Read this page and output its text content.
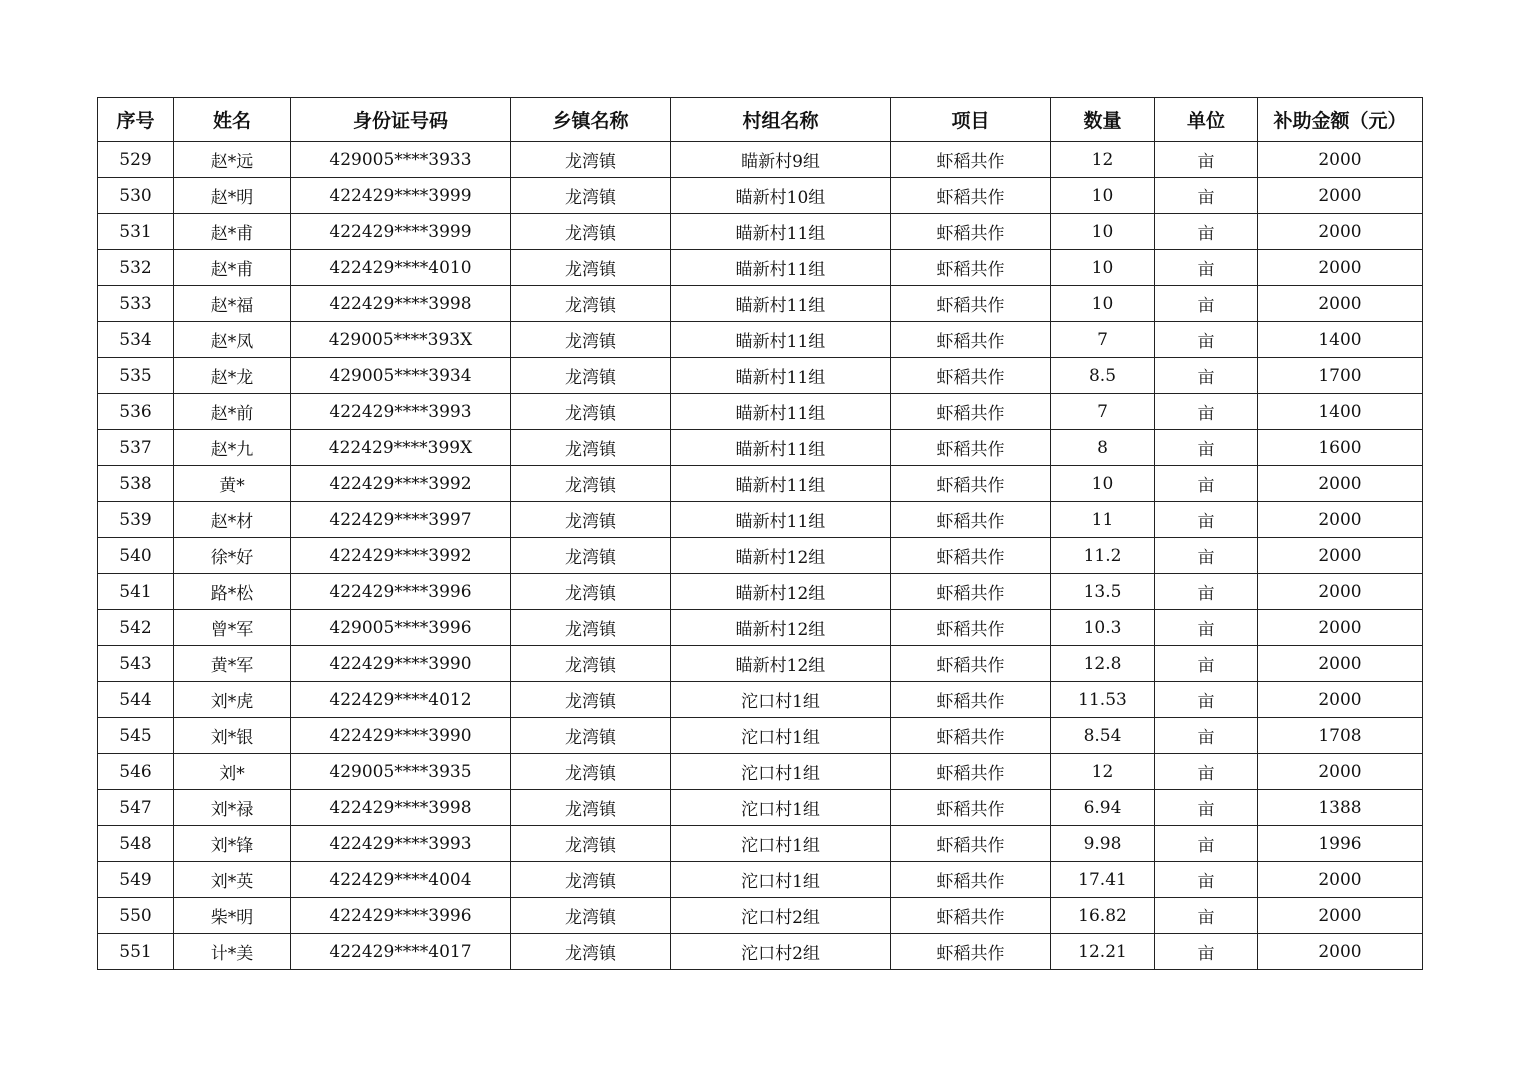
序号	姓名	身份证号码	乡镇名称	村组名称	项目	数量	单位	补助金额（元）
529	赵*远	429005****3933	龙湾镇	瞄新村9组	虾稻共作	12	亩	2000
530	赵*明	422429****3999	龙湾镇	瞄新村10组	虾稻共作	10	亩	2000
531	赵*甫	422429****3999	龙湾镇	瞄新村11组	虾稻共作	10	亩	2000
532	赵*甫	422429****4010	龙湾镇	瞄新村11组	虾稻共作	10	亩	2000
533	赵*福	422429****3998	龙湾镇	瞄新村11组	虾稻共作	10	亩	2000
534	赵*凤	429005****393X	龙湾镇	瞄新村11组	虾稻共作	7	亩	1400
535	赵*龙	429005****3934	龙湾镇	瞄新村11组	虾稻共作	8.5	亩	1700
536	赵*前	422429****3993	龙湾镇	瞄新村11组	虾稻共作	7	亩	1400
537	赵*九	422429****399X	龙湾镇	瞄新村11组	虾稻共作	8	亩	1600
538	黄*	422429****3992	龙湾镇	瞄新村11组	虾稻共作	10	亩	2000
539	赵*材	422429****3997	龙湾镇	瞄新村11组	虾稻共作	11	亩	2000
540	徐*好	422429****3992	龙湾镇	瞄新村12组	虾稻共作	11.2	亩	2000
541	路*松	422429****3996	龙湾镇	瞄新村12组	虾稻共作	13.5	亩	2000
542	曾*军	429005****3996	龙湾镇	瞄新村12组	虾稻共作	10.3	亩	2000
543	黄*军	422429****3990	龙湾镇	瞄新村12组	虾稻共作	12.8	亩	2000
544	刘*虎	422429****4012	龙湾镇	沱口村1组	虾稻共作	11.53	亩	2000
545	刘*银	422429****3990	龙湾镇	沱口村1组	虾稻共作	8.54	亩	1708
546	刘*	429005****3935	龙湾镇	沱口村1组	虾稻共作	12	亩	2000
547	刘*禄	422429****3998	龙湾镇	沱口村1组	虾稻共作	6.94	亩	1388
548	刘*锋	422429****3993	龙湾镇	沱口村1组	虾稻共作	9.98	亩	1996
549	刘*英	422429****4004	龙湾镇	沱口村1组	虾稻共作	17.41	亩	2000
550	柴*明	422429****3996	龙湾镇	沱口村2组	虾稻共作	16.82	亩	2000
551	计*美	422429****4017	龙湾镇	沱口村2组	虾稻共作	12.21	亩	2000
